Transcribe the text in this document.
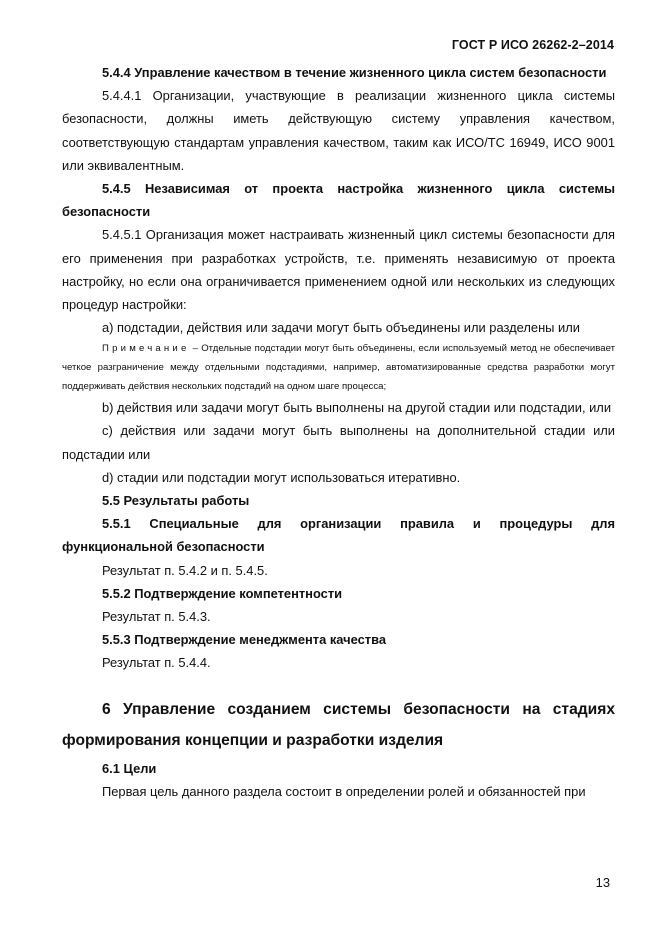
ГОСТ Р ИСО 26262-2–2014

5.4.4 Управление качеством в течение жизненного цикла систем безопасности

5.4.4.1 Организации, участвующие в реализации жизненного цикла системы безопасности, должны иметь действующую систему управления качеством, соответствующую стандартам управления качеством, таким как ИСО/ТС 16949, ИСО 9001 или эквивалентным.

5.4.5 Независимая от проекта настройка жизненного цикла системы безопасности

5.4.5.1 Организация может настраивать жизненный цикл системы безопасности для его применения при разработках устройств, т.е. применять независимую от проекта настройку, но если она ограничивается применением одной или нескольких из следующих процедур настройки:

a) подстадии, действия или задачи могут быть объединены или разделены или

Примечание – Отдельные подстадии могут быть объединены, если используемый метод не обеспечивает четкое разграничение между отдельными подстадиями, например, автоматизированные средства разработки могут поддерживать действия нескольких подстадий на одном шаге процесса;

b) действия или задачи могут быть выполнены на другой стадии или подстадии, или

c) действия или задачи могут быть выполнены на дополнительной стадии или подстадии или

d) стадии или подстадии могут использоваться итеративно.

5.5 Результаты работы

5.5.1 Специальные для организации правила и процедуры для функциональной безопасности

Результат п. 5.4.2 и п. 5.4.5.

5.5.2 Подтверждение компетентности

Результат п. 5.4.3.

5.5.3 Подтверждение менеджмента качества

Результат п. 5.4.4.

6 Управление созданием системы безопасности на стадиях формирования концепции и разработки изделия

6.1 Цели

Первая цель данного раздела состоит в определении ролей и обязанностей при

13
